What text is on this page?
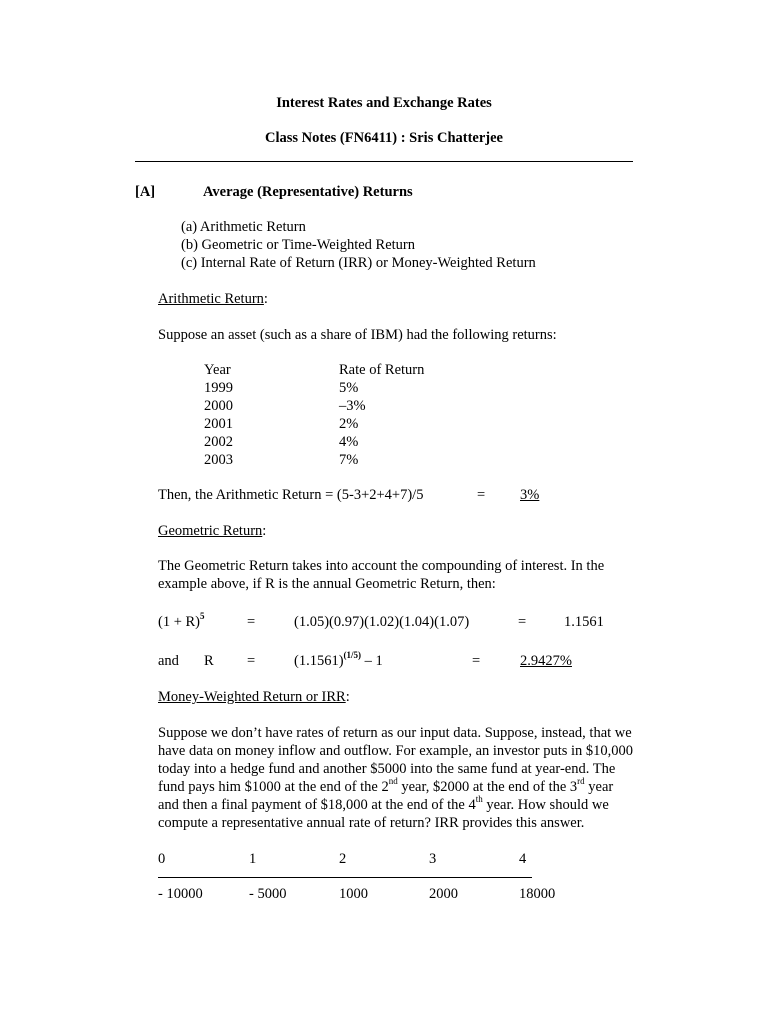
Interest Rates and Exchange Rates
Class Notes (FN6411) : Sris Chatterjee
[A]	Average (Representative) Returns
(a) Arithmetic Return
(b) Geometric or Time-Weighted Return
(c) Internal Rate of Return (IRR) or Money-Weighted Return
Arithmetic Return:
Suppose an asset (such as a share of IBM) had the following returns:
Year	Rate of Return
1999	5%
2000	–3%
2001	2%
2002	4%
2003	7%
Then, the Arithmetic Return = (5-3+2+4+7)/5	= 3%
Geometric Return:
The Geometric Return takes into account the compounding of interest. In the
example above, if R is the annual Geometric Return, then:
$(1 + R)^5$	=	(1.05)(0.97)(1.02)(1.04)(1.07)	=	1.1561
and R =	$(1.1561)^{(1/5)} - 1$	=	2.9427%
Money-Weighted Return or IRR:
Suppose we don’t have rates of return as our input data. Suppose, instead, that we
have data on money inflow and outflow. For example, an investor puts in $10,000
today into a hedge fund and another $5000 into the same fund at year-end. The
fund pays him $1000 at the end of the 2nd year, $2000 at the end of the 3rd year
and then a final payment of $18,000 at the end of the 4th year. How should we
compute a representative annual rate of return? IRR provides this answer.
0	1	2	3	4
- 10000	- 5000	1000	2000	18000
